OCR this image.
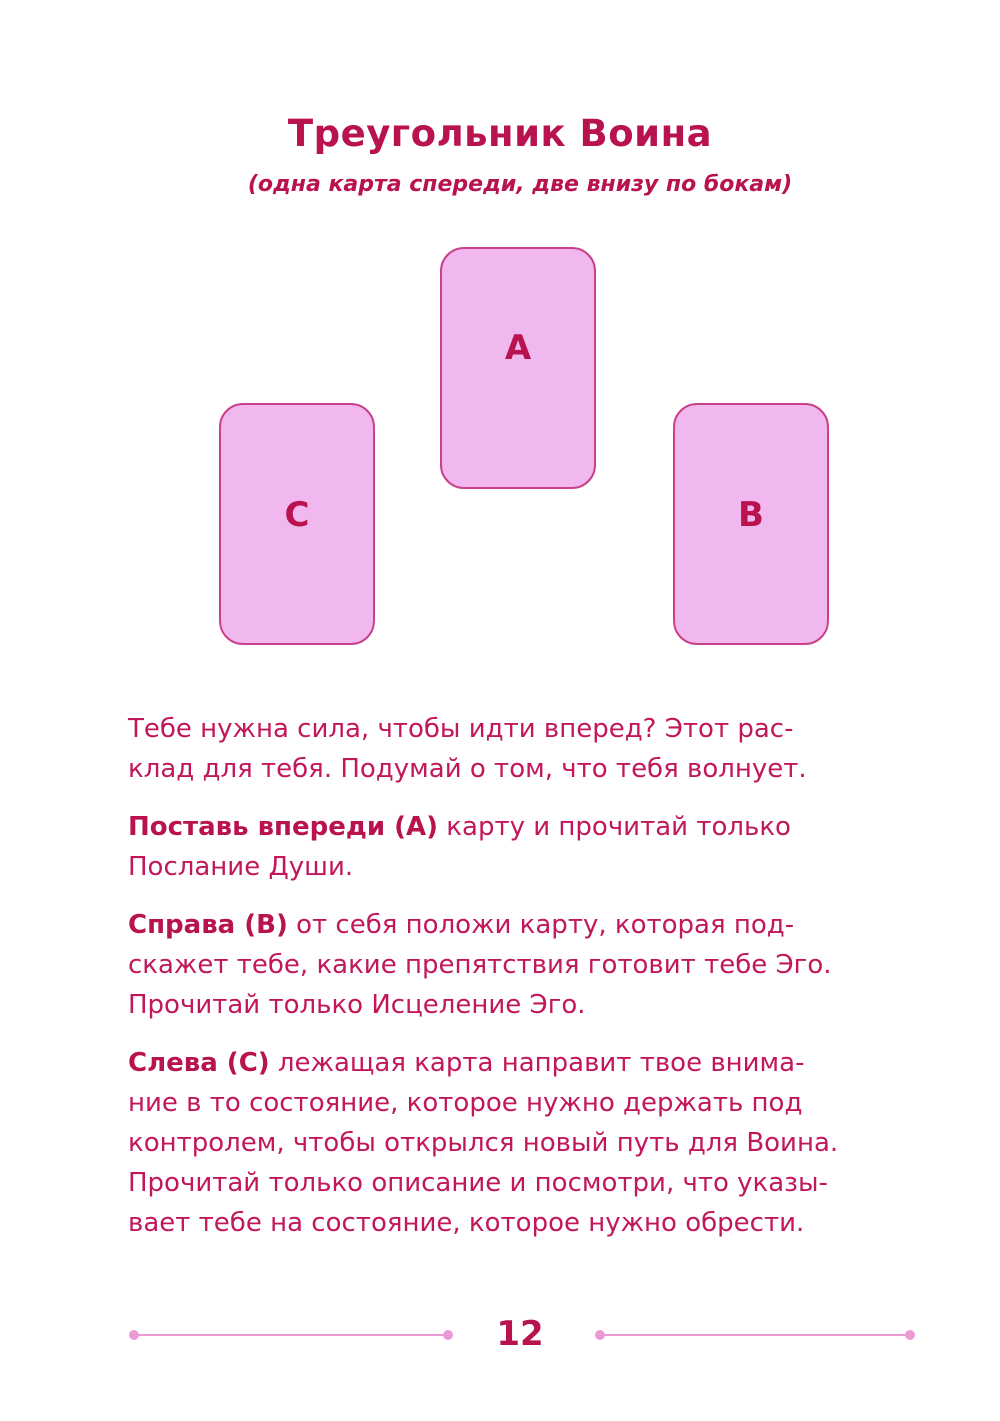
Треугольник Воина
(одна карта спереди, две внизу по бокам)
A
C	B

Тебе нужна сила, чтобы идти вперед? Этот рас-
клад для тебя. Подумай о том, что тебя волнует.

Поставь впереди (А) карту и прочитай только
Послание Души.

Справа (В) от себя положи карту, которая под-
скажет тебе, какие препятствия готовит тебе Эго.
Прочитай только Исцеление Эго.

Слева (С) лежащая карта направит твое внима-
ние в то состояние, которое нужно держать под
контролем, чтобы открылся новый путь для Воина.
Прочитай только описание и посмотри, что указы-
вает тебе на состояние, которое нужно обрести.

12
